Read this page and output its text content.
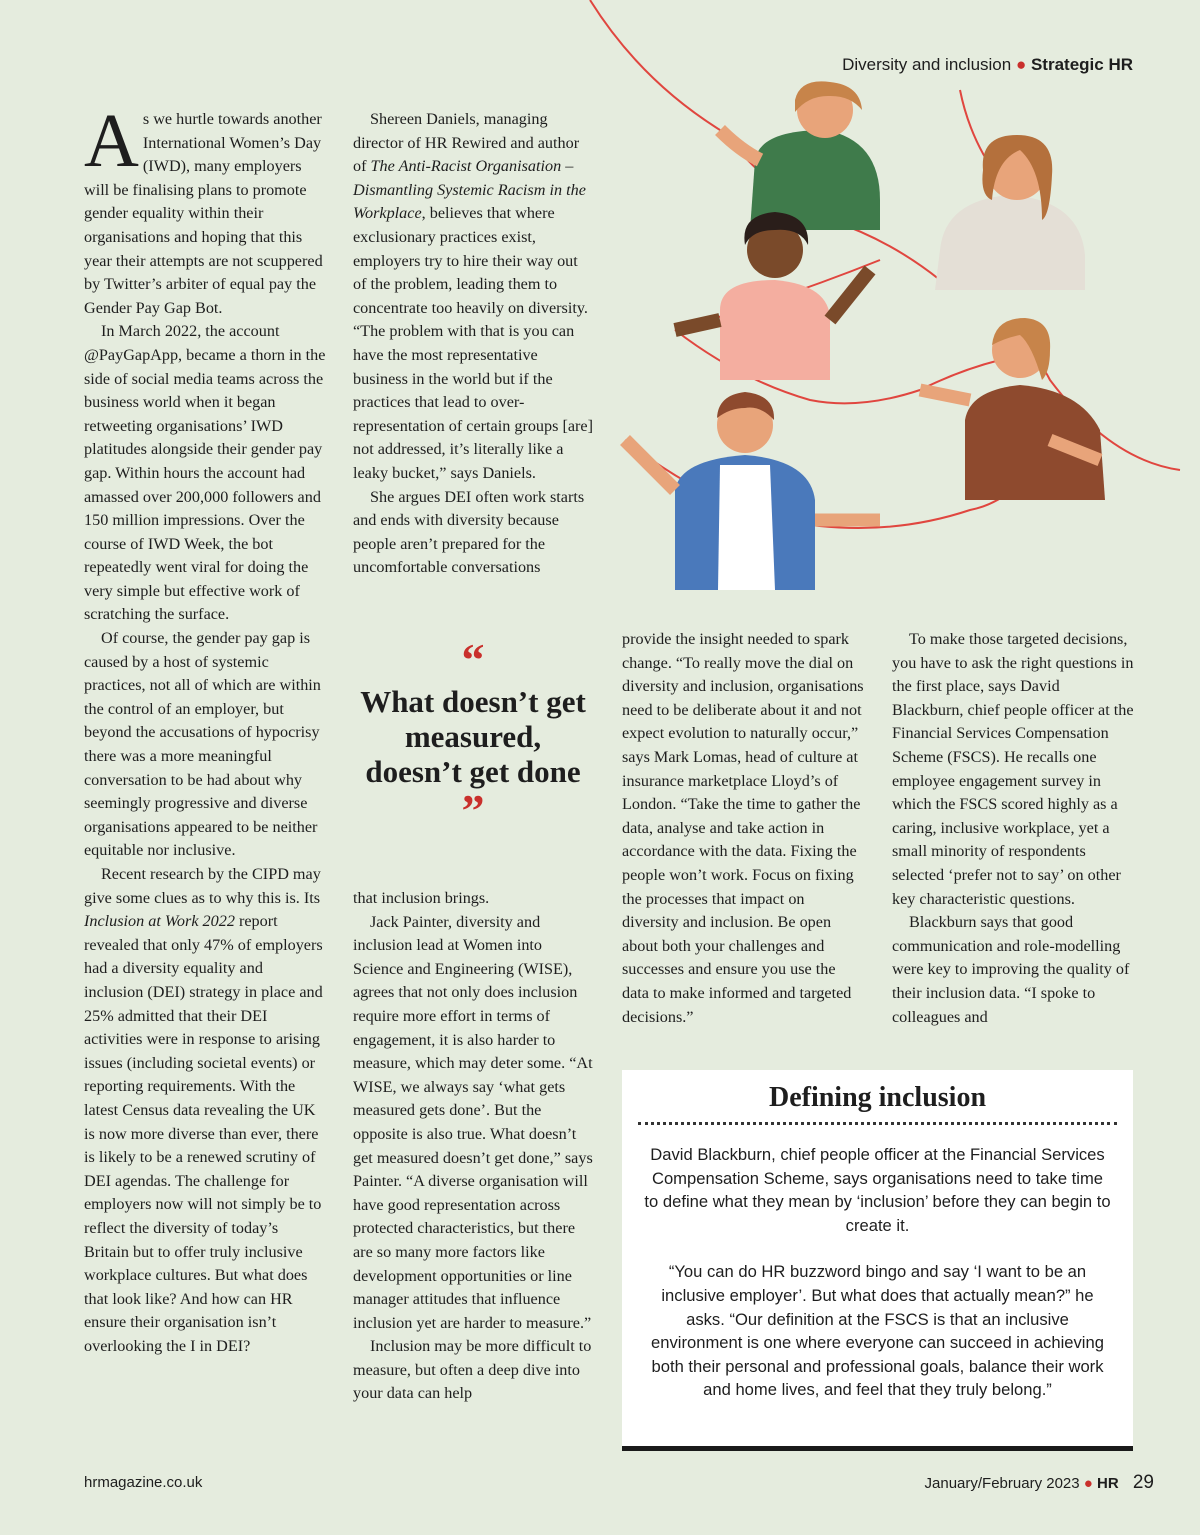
Diversity and inclusion ● Strategic HR

As we hurtle towards another International Women’s Day (IWD), many employers will be finalising plans to promote gender equality within their organisations and hoping that this year their attempts are not scuppered by Twitter’s arbiter of equal pay the Gender Pay Gap Bot.

In March 2022, the account @PayGapApp, became a thorn in the side of social media teams across the business world when it began retweeting organisations’ IWD platitudes alongside their gender pay gap. Within hours the account had amassed over 200,000 followers and 150 million impressions. Over the course of IWD Week, the bot repeatedly went viral for doing the very simple but effective work of scratching the surface.

Of course, the gender pay gap is caused by a host of systemic practices, not all of which are within the control of an employer, but beyond the accusations of hypocrisy there was a more meaningful conversation to be had about why seemingly progressive and diverse organisations appeared to be neither equitable nor inclusive.

Recent research by the CIPD may give some clues as to why this is. Its Inclusion at Work 2022 report revealed that only 47% of employers had a diversity equality and inclusion (DEI) strategy in place and 25% admitted that their DEI activities were in response to arising issues (including societal events) or reporting requirements. With the latest Census data revealing the UK is now more diverse than ever, there is likely to be a renewed scrutiny of DEI agendas. The challenge for employers now will not simply be to reflect the diversity of today’s Britain but to offer truly inclusive workplace cultures. But what does that look like? And how can HR ensure their organisation isn’t overlooking the I in DEI?

Shereen Daniels, managing director of HR Rewired and author of The Anti-Racist Organisation – Dismantling Systemic Racism in the Workplace, believes that where exclusionary practices exist, employers try to hire their way out of the problem, leading them to concentrate too heavily on diversity. “The problem with that is you can have the most representative business in the world but if the practices that lead to over-representation of certain groups [are] not addressed, it’s literally like a leaky bucket,” says Daniels.

She argues DEI often work starts and ends with diversity because people aren’t prepared for the uncomfortable conversations

“
What doesn’t get measured, doesn’t get done
”

that inclusion brings.

Jack Painter, diversity and inclusion lead at Women into Science and Engineering (WISE), agrees that not only does inclusion require more effort in terms of engagement, it is also harder to measure, which may deter some. “At WISE, we always say ‘what gets measured gets done’. But the opposite is also true. What doesn’t get measured doesn’t get done,” says Painter. “A diverse organisation will have good representation across protected characteristics, but there are so many more factors like development opportunities or line manager attitudes that influence inclusion yet are harder to measure.”

Inclusion may be more difficult to measure, but often a deep dive into your data can help

provide the insight needed to spark change. “To really move the dial on diversity and inclusion, organisations need to be deliberate about it and not expect evolution to naturally occur,” says Mark Lomas, head of culture at insurance marketplace Lloyd’s of London. “Take the time to gather the data, analyse and take action in accordance with the data. Fixing the people won’t work. Focus on fixing the processes that impact on diversity and inclusion. Be open about both your challenges and successes and ensure you use the data to make informed and targeted decisions.”

To make those targeted decisions, you have to ask the right questions in the first place, says David Blackburn, chief people officer at the Financial Services Compensation Scheme (FSCS). He recalls one employee engagement survey in which the FSCS scored highly as a caring, inclusive workplace, yet a small minority of respondents selected ‘prefer not to say’ on other key characteristic questions.

Blackburn says that good communication and role-modelling were key to improving the quality of their inclusion data. “I spoke to colleagues and

Defining inclusion
David Blackburn, chief people officer at the Financial Services Compensation Scheme, says organisations need to take time to define what they mean by ‘inclusion’ before they can begin to create it.
“You can do HR buzzword bingo and say ‘I want to be an inclusive employer’. But what does that actually mean?” he asks. “Our definition at the FSCS is that an inclusive environment is one where everyone can succeed in achieving both their personal and professional goals, balance their work and home lives, and feel that they truly belong.”
hrmagazine.co.uk	January/February 2023 ● HR 29
